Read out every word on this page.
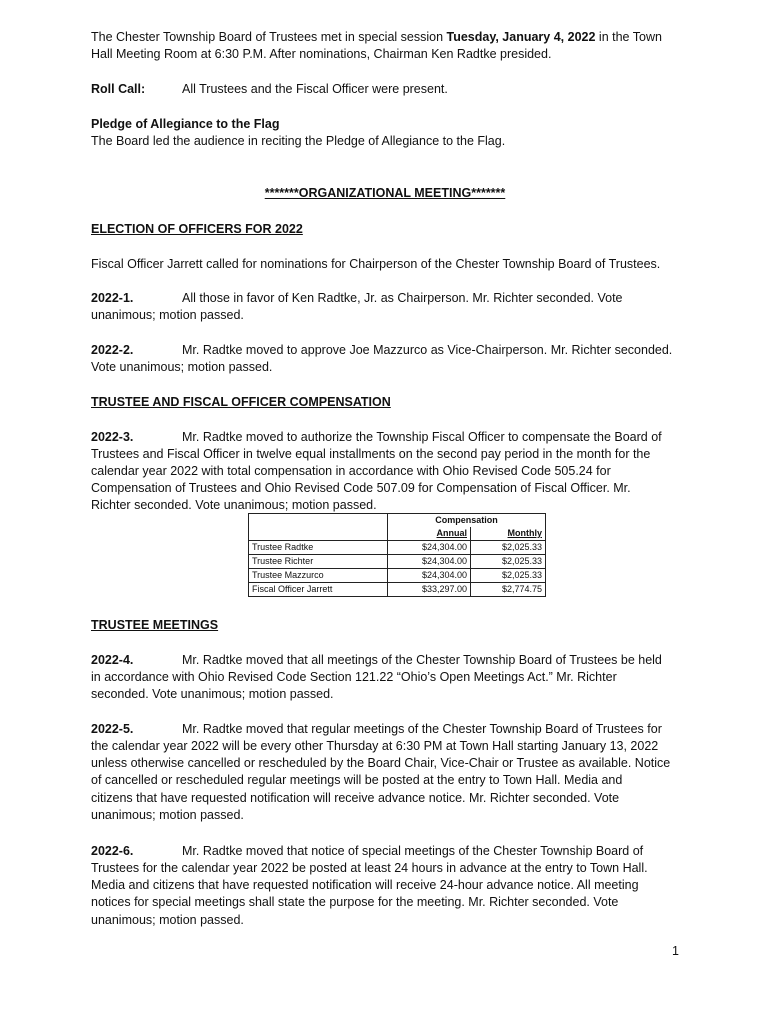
The Chester Township Board of Trustees met in special session Tuesday, January 4, 2022 in the Town
Hall Meeting Room at 6:30 P.M. After nominations, Chairman Ken Radtke presided.
Roll Call:	All Trustees and the Fiscal Officer were present.
Pledge of Allegiance to the Flag
The Board led the audience in reciting the Pledge of Allegiance to the Flag.
*******ORGANIZATIONAL MEETING*******
ELECTION OF OFFICERS FOR 2022
Fiscal Officer Jarrett called for nominations for Chairperson of the Chester Township Board of Trustees.
2022-1.	All those in favor of Ken Radtke, Jr. as Chairperson. Mr. Richter seconded. Vote
unanimous; motion passed.
2022-2.	Mr. Radtke moved to approve Joe Mazzurco as Vice-Chairperson. Mr. Richter seconded.
Vote unanimous; motion passed.
TRUSTEE AND FISCAL OFFICER COMPENSATION
2022-3.	Mr. Radtke moved to authorize the Township Fiscal Officer to compensate the Board of
Trustees and Fiscal Officer in twelve equal installments on the second pay period in the month for the
calendar year 2022 with total compensation in accordance with Ohio Revised Code 505.24 for
Compensation of Trustees and Ohio Revised Code 507.09 for Compensation of Fiscal Officer. Mr.
Richter seconded. Vote unanimous; motion passed.
	Compensation	
	Annual	Monthly
Trustee Radtke	$24,304.00	$2,025.33
Trustee Richter	$24,304.00	$2,025.33
Trustee Mazzurco	$24,304.00	$2,025.33
Fiscal Officer Jarrett	$33,297.00	$2,774.75
TRUSTEE MEETINGS
2022-4.	Mr. Radtke moved that all meetings of the Chester Township Board of Trustees be held
in accordance with Ohio Revised Code Section 121.22 “Ohio’s Open Meetings Act.” Mr. Richter
seconded. Vote unanimous; motion passed.
2022-5.	Mr. Radtke moved that regular meetings of the Chester Township Board of Trustees for
the calendar year 2022 will be every other Thursday at 6:30 PM at Town Hall starting January 13, 2022
unless otherwise cancelled or rescheduled by the Board Chair, Vice-Chair or Trustee as available. Notice
of cancelled or rescheduled regular meetings will be posted at the entry to Town Hall. Media and
citizens that have requested notification will receive advance notice. Mr. Richter seconded. Vote
unanimous; motion passed.
2022-6.	Mr. Radtke moved that notice of special meetings of the Chester Township Board of
Trustees for the calendar year 2022 be posted at least 24 hours in advance at the entry to Town Hall.
Media and citizens that have requested notification will receive 24-hour advance notice. All meeting
notices for special meetings shall state the purpose for the meeting. Mr. Richter seconded. Vote
unanimous; motion passed.
1
